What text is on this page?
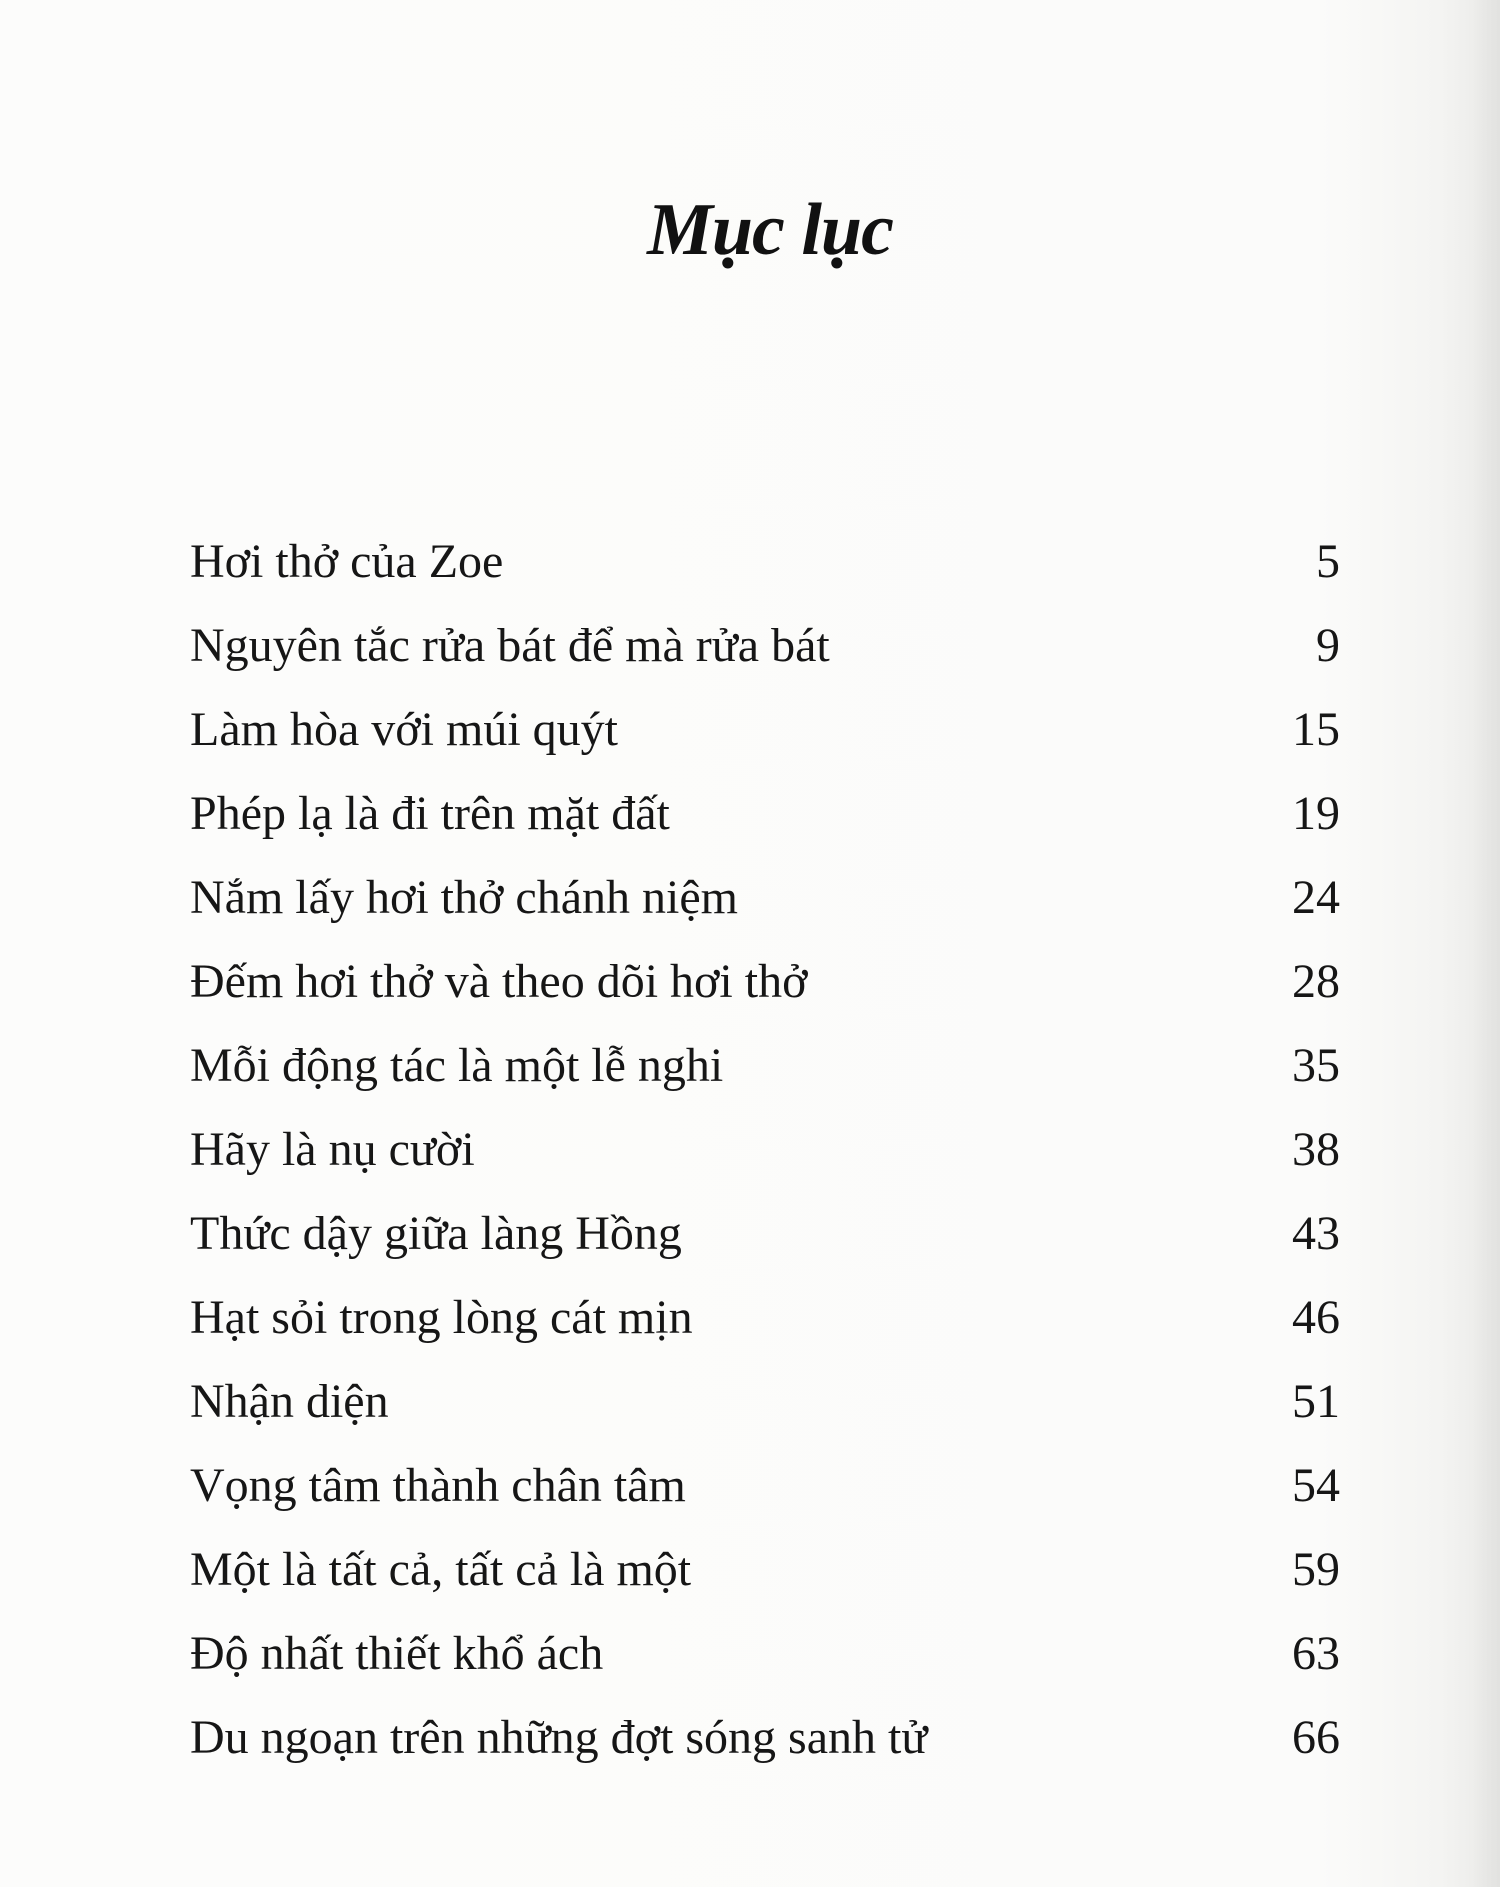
Mục lục
Hơi thở của Zoe	5
Nguyên tắc rửa bát để mà rửa bát	9
Làm hòa với múi quýt	15
Phép lạ là đi trên mặt đất	19
Nắm lấy hơi thở chánh niệm	24
Đếm hơi thở và theo dõi hơi thở	28
Mỗi động tác là một lễ nghi	35
Hãy là nụ cười	38
Thức dậy giữa làng Hồng	43
Hạt sỏi trong lòng cát mịn	46
Nhận diện	51
Vọng tâm thành chân tâm	54
Một là tất cả, tất cả là một	59
Độ nhất thiết khổ ách	63
Du ngoạn trên những đợt sóng sanh tử	66
